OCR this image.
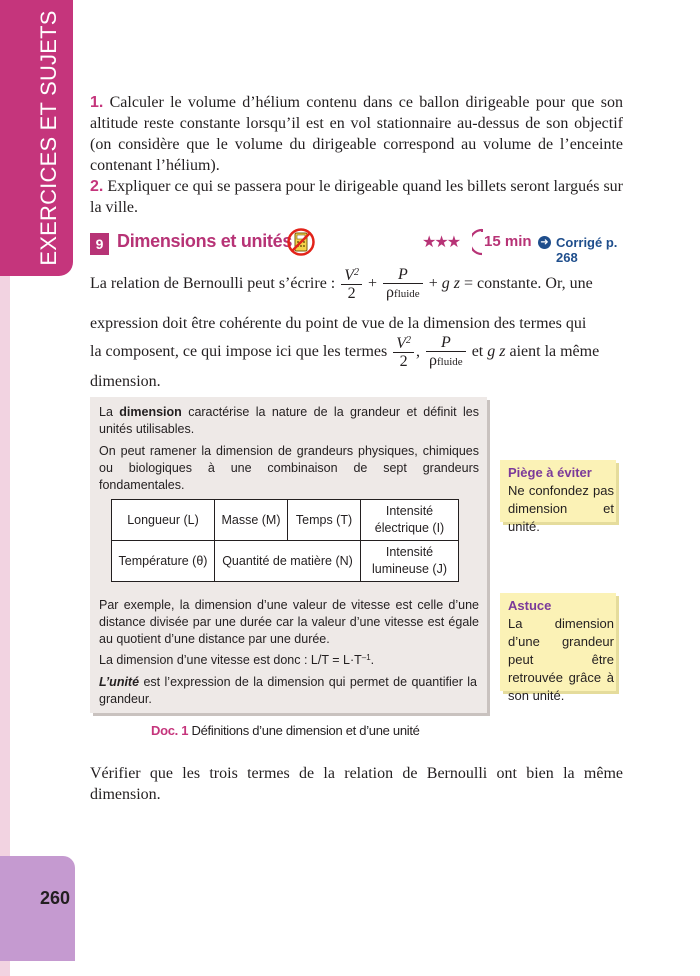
EXERCICES ET SUJETS
260

1. Calculer le volume d’hélium contenu dans ce ballon dirigeable pour que son altitude reste constante lorsqu’il est en vol stationnaire au-dessus de son objectif (on considère que le volume du dirigeable correspond au volume de l’enceinte contenant l’hélium).

2. Expliquer ce qui se passera pour le dirigeable quand les billets seront largués sur la ville.

9 Dimensions et unités	★★★ 15 min ➜ Corrigé p. 268
La relation de Bernoulli peut s’écrire : $\frac{V^2}{2} + \frac{P}{\text{ρfluide}} + g$ z = constante. Or, une
expression doit être cohérente du point de vue de la dimension des termes qui
la composent, ce qui impose ici que les termes $\frac{V^2}{2}$ , $\frac{P}{\text{ρfluide}}$ et g z aient la même
dimension.

La dimension caractérise la nature de la grandeur et définit les unités utilisables.

On peut ramener la dimension de grandeurs physiques, chimiques ou biologiques à une combinaison de sept grandeurs fondamentales.

Longueur (L)	Masse (M)	Temps (T)	Intensité électrique (I)
Température (θ)	Quantité de matière (N)		Intensité lumineuse (J)

Par exemple, la dimension d’une valeur de vitesse est celle d’une distance divisée par une durée car la valeur d’une vitesse est égale au quotient d’une distance par une durée.

La dimension d’une vitesse est donc : $L/T = L\cdot T^{-1}$.

L’unité est l’expression de la dimension qui permet de quantifier la grandeur.

Doc. 1 Définitions d’une dimension et d’une unité
Piège à éviter
Ne confondez pas dimension et unité.
Astuce
La dimension d’une grandeur peut être retrouvée grâce à son unité.

Vérifier que les trois termes de la relation de Bernoulli ont bien la même dimension.
